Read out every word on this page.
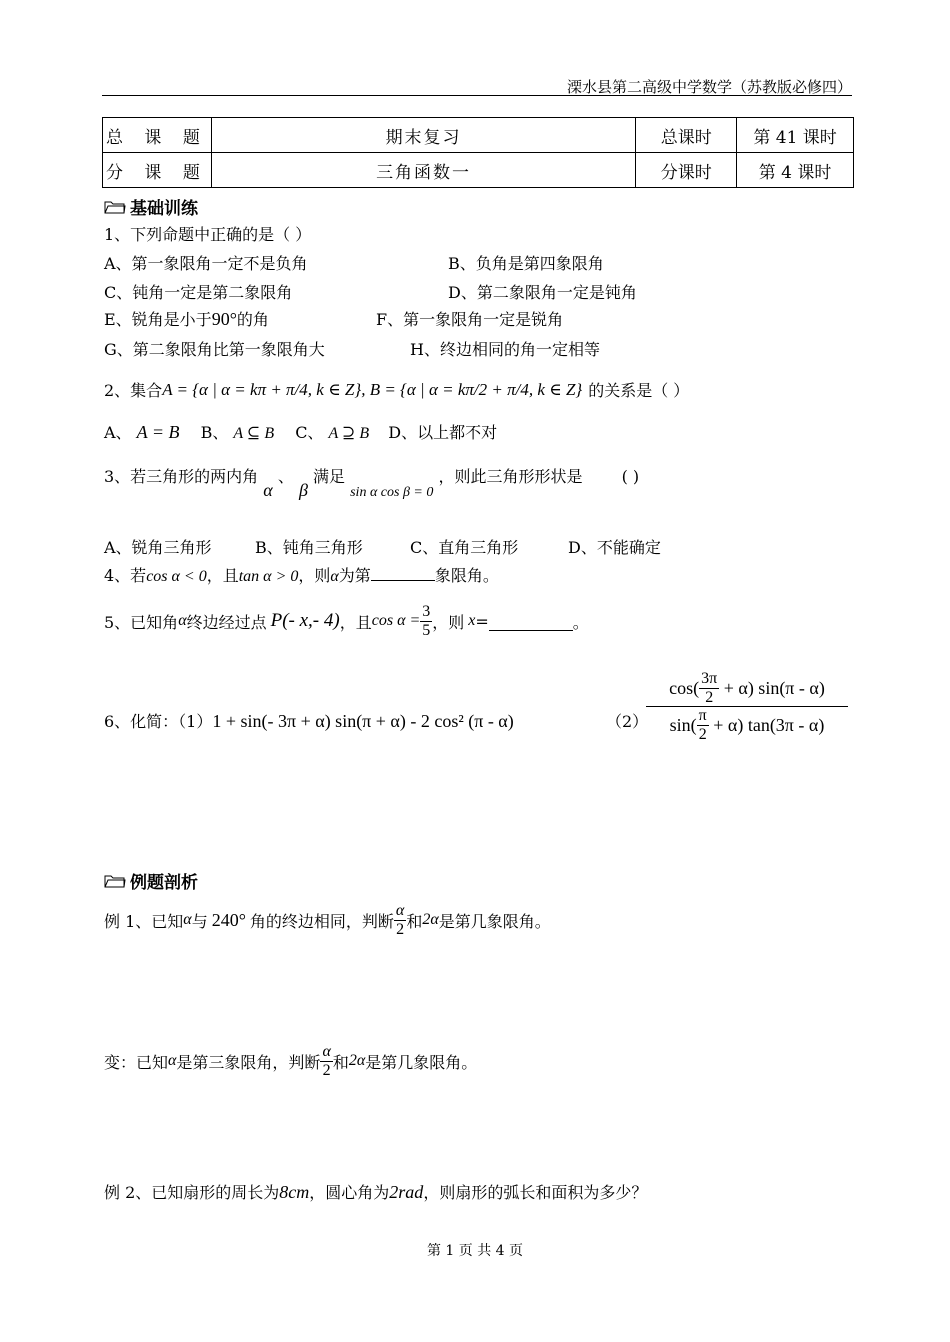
溧水县第二高级中学数学（苏教版必修四）
总 课 题	期末复习	总课时	第 41 课时
分 课 题	三角函数一	分课时	第 4 课时
基础训练
1、下列命题中正确的是（ ）
A、第一象限角一定不是负角	B、负角是第四象限角
C、钝角一定是第二象限角	D、第二象限角一定是钝角
E、锐角是小于90°的角	F、第一象限角一定是锐角
G、第二象限角比第一象限角大	H、终边相同的角一定相等
2、集合 A = {α | α = kπ + π/4, k ∈ Z} , B = {α | α = kπ/2 + π/4, k ∈ Z} 的关系是（ ）
A、 A = B B、 A ⊆ B C、 A ⊇ B D、以上都不对
3、若三角形的两内角 α 、 β 满足 sin α cos β = 0 ，则此三角形形状是 ( )
A、锐角三角形	B、钝角三角形	C、直角三角形	D、不能确定
4、若cos α < 0，且tan α > 0，则α为第	象限角。
5、已知角 α 终边经过点 P(- x,- 4) ，且 $\cos \alpha = \frac{3}{5}$ ，则 x =	。
6、化简：（1）1 + sin(- 3π + α) sin(π + α) - 2 cos² (π - α)	（2）
$\cos( \frac{3\pi}{2} + \alpha)$ sin(π - α)
$\sin( \frac{\pi}{2} + \alpha)$ tan(3π - α)
例题剖析
例 1、已知 α 与 240° 角的终边相同，判断 $\frac{\alpha}{2}$ 和 2α 是第几象限角。
变：已知 α 是第三象限角，判断 $\frac{\alpha}{2}$ 和 2α 是第几象限角。
例 2、已知扇形的周长为8cm，圆心角为2rad，则扇形的弧长和面积为多少？
第 1 页 共 4 页
